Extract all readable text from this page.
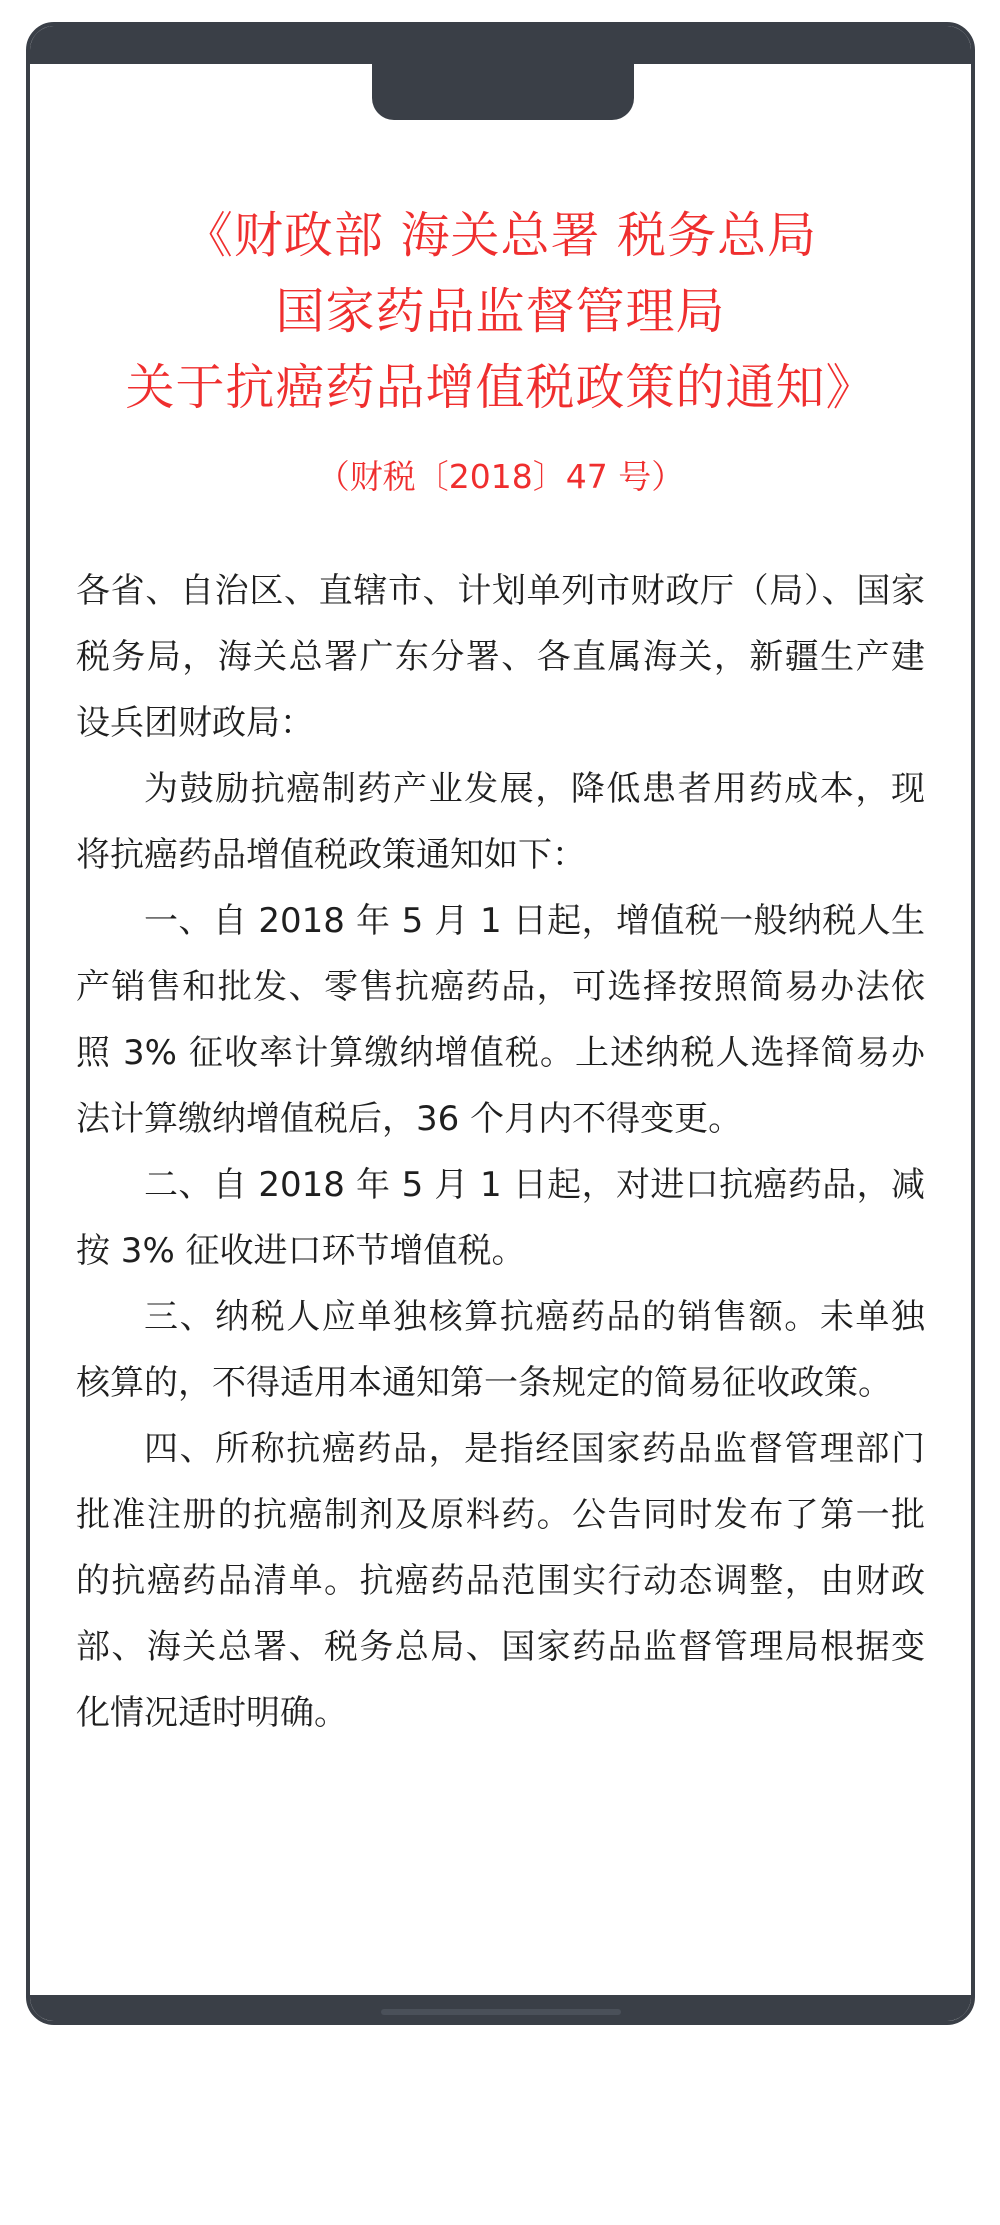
《财政部 海关总署 税务总局

国家药品监督管理局

关于抗癌药品增值税政策的通知》

（财税〔2018〕47 号）

各省、自治区、直辖市、计划单列市财政厅（局）、国家税务局，海关总署广东分署、各直属海关，新疆生产建设兵团财政局：

为鼓励抗癌制药产业发展，降低患者用药成本，现将抗癌药品增值税政策通知如下：

一、自 2018 年 5 月 1 日起，增值税一般纳税人生产销售和批发、零售抗癌药品，可选择按照简易办法依照 3% 征收率计算缴纳增值税。上述纳税人选择简易办法计算缴纳增值税后，36 个月内不得变更。

二、自 2018 年 5 月 1 日起，对进口抗癌药品，减按 3% 征收进口环节增值税。

三、纳税人应单独核算抗癌药品的销售额。未单独核算的，不得适用本通知第一条规定的简易征收政策。

四、所称抗癌药品，是指经国家药品监督管理部门批准注册的抗癌制剂及原料药。公告同时发布了第一批的抗癌药品清单。抗癌药品范围实行动态调整，由财政部、海关总署、税务总局、国家药品监督管理局根据变化情况适时明确。
